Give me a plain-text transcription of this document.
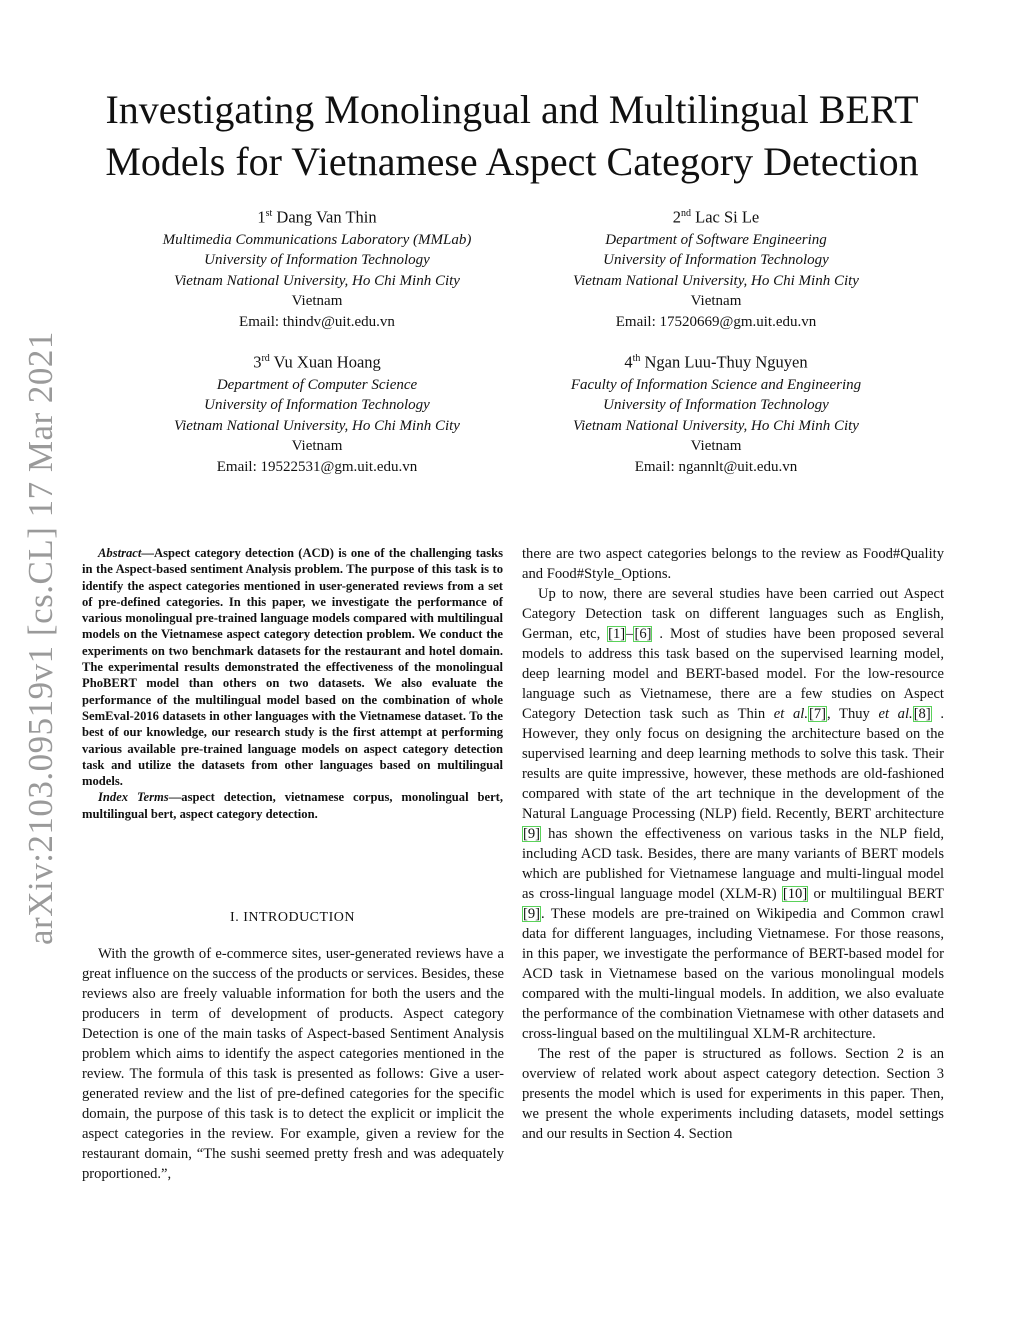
arXiv:2103.09519v1 [cs.CL] 17 Mar 2021
Investigating Monolingual and Multilingual BERT
Models for Vietnamese Aspect Category Detection
1st Dang Van Thin
Multimedia Communications Laboratory (MMLab)
University of Information Technology
Vietnam National University, Ho Chi Minh City
Vietnam
Email: thindv@uit.edu.vn
2nd Lac Si Le
Department of Software Engineering
University of Information Technology
Vietnam National University, Ho Chi Minh City
Vietnam
Email: 17520669@gm.uit.edu.vn
3rd Vu Xuan Hoang
Department of Computer Science
University of Information Technology
Vietnam National University, Ho Chi Minh City
Vietnam
Email: 19522531@gm.uit.edu.vn
4th Ngan Luu-Thuy Nguyen
Faculty of Information Science and Engineering
University of Information Technology
Vietnam National University, Ho Chi Minh City
Vietnam
Email: ngannlt@uit.edu.vn

Abstract—Aspect category detection (ACD) is one of the challenging tasks in the Aspect-based sentiment Analysis problem. The purpose of this task is to identify the aspect categories mentioned in user-generated reviews from a set of pre-defined categories. In this paper, we investigate the performance of various monolingual pre-trained language models compared with multilingual models on the Vietnamese aspect category detection problem. We conduct the experiments on two benchmark datasets for the restaurant and hotel domain. The experimental results demonstrated the effectiveness of the monolingual PhoBERT model than others on two datasets. We also evaluate the performance of the multilingual model based on the combination of whole SemEval-2016 datasets in other languages with the Vietnamese dataset. To the best of our knowledge, our research study is the first attempt at performing various available pre-trained language models on aspect category detection task and utilize the datasets from other languages based on multilingual models.

Index Terms—aspect detection, vietnamese corpus, monolingual bert, multilingual bert, aspect category detection.

I. INTRODUCTION

With the growth of e-commerce sites, user-generated reviews have a great influence on the success of the products or services. Besides, these reviews also are freely valuable information for both the users and the producers in term of development of products. Aspect category Detection is one of the main tasks of Aspect-based Sentiment Analysis problem which aims to identify the aspect categories mentioned in the review. The formula of this task is presented as follows: Give a user-generated review and the list of pre-defined categories for the specific domain, the purpose of this task is to detect the explicit or implicit the aspect categories in the review. For example, given a review for the restaurant domain, “The sushi seemed pretty fresh and was adequately proportioned.”,

there are two aspect categories belongs to the review as Food#Quality and Food#Style_Options.

Up to now, there are several studies have been carried out Aspect Category Detection task on different languages such as English, German, etc, [1]–[6] . Most of studies have been proposed several models to address this task based on the supervised learning model, deep learning model and BERT-based model. For the low-resource language such as Vietnamese, there are a few studies on Aspect Category Detection task such as Thin et al.[7], Thuy et al.[8] . However, they only focus on designing the architecture based on the supervised learning and deep learning methods to solve this task. Their results are quite impressive, however, these methods are old-fashioned compared with state of the art technique in the development of the Natural Language Processing (NLP) field. Recently, BERT architecture [9] has shown the effectiveness on various tasks in the NLP field, including ACD task. Besides, there are many variants of BERT models which are published for Vietnamese language and multi-lingual model as cross-lingual language model (XLM-R) [10] or multilingual BERT [9]. These models are pre-trained on Wikipedia and Common crawl data for different languages, including Vietnamese. For those reasons, in this paper, we investigate the performance of BERT-based model for ACD task in Vietnamese based on the various monolingual models compared with the multi-lingual models. In addition, we also evaluate the performance of the combination Vietnamese with other datasets and cross-lingual based on the multilingual XLM-R architecture.

The rest of the paper is structured as follows. Section 2 is an overview of related work about aspect category detection. Section 3 presents the model which is used for experiments in this paper. Then, we present the whole experiments including datasets, model settings and our results in Section 4. Section
